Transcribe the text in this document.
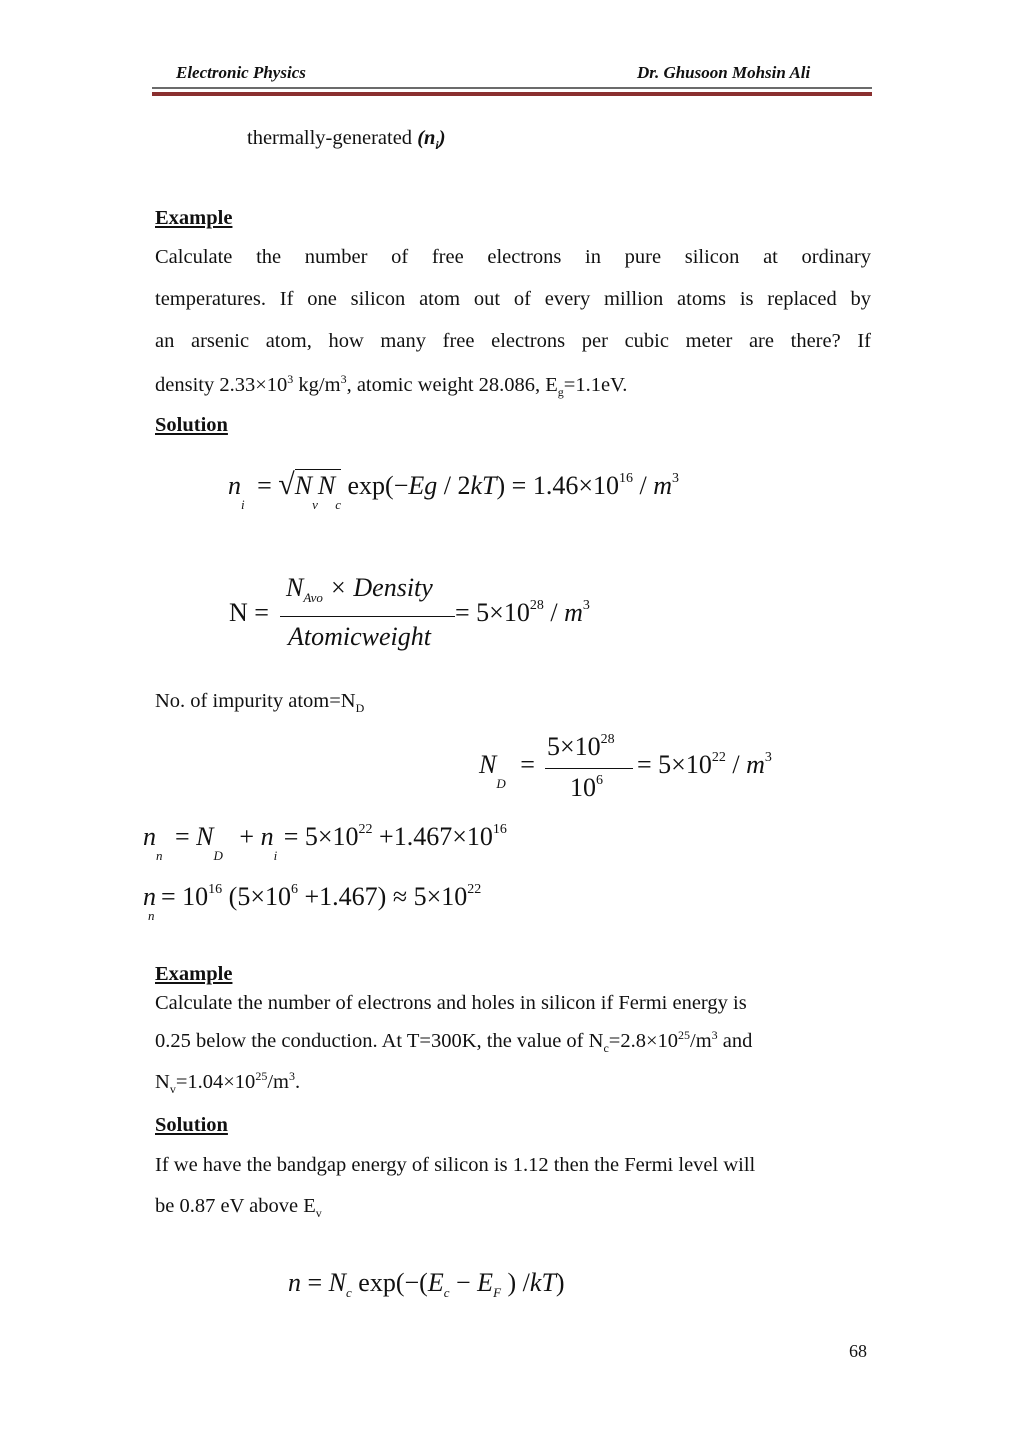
Electronic Physics	Dr. Ghusoon Mohsin Ali
thermally-generated $(n_i)$
Example
Calculate the number of free electrons in pure silicon at ordinary
temperatures. If one silicon atom out of every million atoms is replaced by
an arsenic atom, how many free electrons per cubic meter are there? If
density $2.33\times 10^3$ $kg/m^3$, atomic weight 28.086, $E_g=1.1eV$.
Solution
$n_i = √N_vN_c$ $\exp(-Eg / 2kT) = 1.46\times 10^{16} / m^3$
N =
$N_{Avo}$ × Density
Atomicweight
= $5\times 10^{28} / m^3$
No. of impurity $atom=N_D$
$N_D$ =
$5\times 10^{28}$
$10^6$
= $5\times 10^{22} / m^3$
$n_n = N_D + n_i = 5\times 10^{22} +1.467\times 10^{16}$
$n_n = 10^{16}$ $(5\times 10^6 +1.467) \approx 5\times 10^{22}$
Example
Calculate the number of electrons and holes in silicon if Fermi energy is
0.25 below the conduction. At T=300K, the value of $N_c=2.8\times 10^{25}/m^3$ and
$N_v=1.04\times 10^{25}/m^3$.
Solution
If we have the bandgap energy of silicon is 1.12 then the Fermi level will
be 0.87 eV above $E_v$
$n = N_c$ $\exp(-(E_c - E_F$ ) /kT)
68
